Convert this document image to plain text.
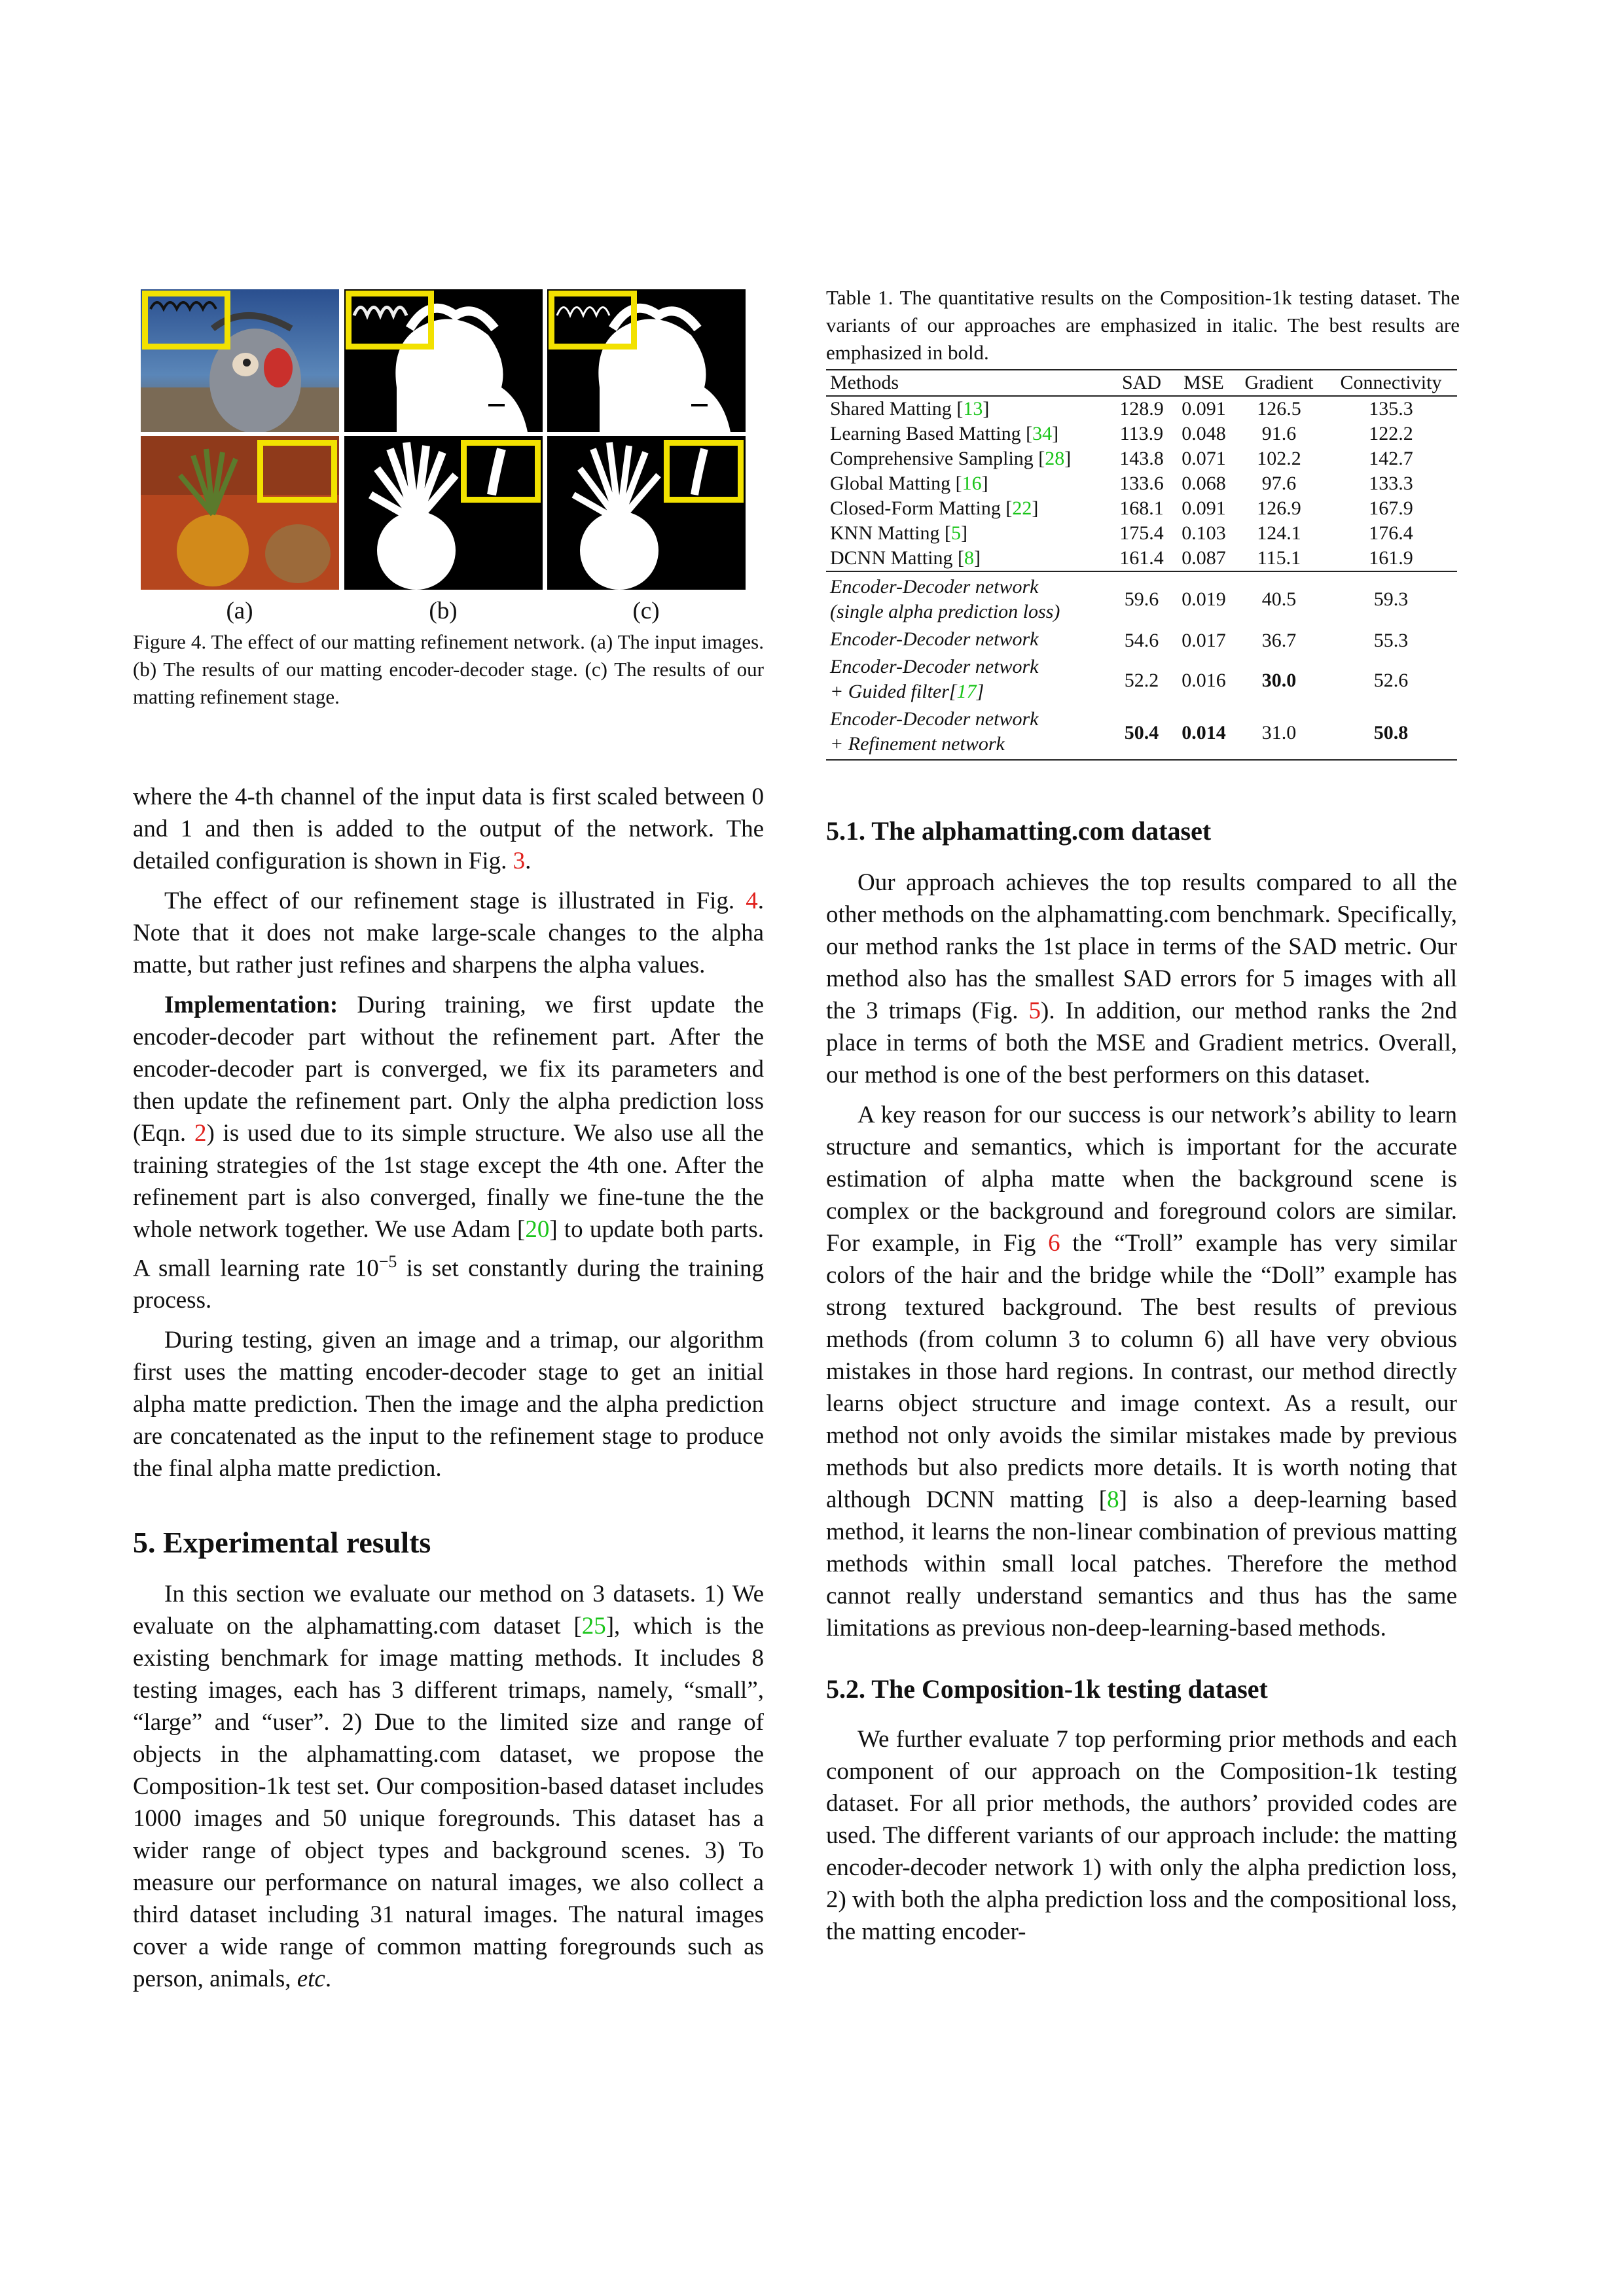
(a)	(b)	(c)
Figure 4. The effect of our matting refinement network. (a) The input images. (b) The results of our matting encoder-decoder stage. (c) The results of our matting refinement stage.
Table 1. The quantitative results on the Composition-1k testing dataset. The variants of our approaches are emphasized in italic. The best results are emphasized in bold.
Methods	SAD	MSE	Gradient	Connectivity
Shared Matting [13]	128.9	0.091	126.5	135.3
Learning Based Matting [34]	113.9	0.048	91.6	122.2
Comprehensive Sampling [28]	143.8	0.071	102.2	142.7
Global Matting [16]	133.6	0.068	97.6	133.3
Closed-Form Matting [22]	168.1	0.091	126.9	167.9
KNN Matting [5]	175.4	0.103	124.1	176.4
DCNN Matting [8]	161.4	0.087	115.1	161.9

Encoder-Decoder network
(single alpha prediction loss)	59.6	0.019	40.5	59.3

Encoder-Decoder network	54.6	0.017	36.7	55.3

Encoder-Decoder network
+ Guided filter[17]	52.2	0.016	30.0	52.6

Encoder-Decoder network
+ Refinement network	50.4	0.014	31.0	50.8

where the 4-th channel of the input data is first scaled between 0 and 1 and then is added to the output of the network. The detailed configuration is shown in Fig. 3.

The effect of our refinement stage is illustrated in Fig. 4. Note that it does not make large-scale changes to the alpha matte, but rather just refines and sharpens the alpha values.

Implementation: During training, we first update the encoder-decoder part without the refinement part. After the encoder-decoder part is converged, we fix its parameters and then update the refinement part. Only the alpha prediction loss (Eqn. 2) is used due to its simple structure. We also use all the training strategies of the 1st stage except the 4th one. After the refinement part is also converged, finally we fine-tune the the whole network together. We use Adam [20] to update both parts. A small learning rate $10^{-5}$ is set constantly during the training process.

During testing, given an image and a trimap, our algorithm first uses the matting encoder-decoder stage to get an initial alpha matte prediction. Then the image and the alpha prediction are concatenated as the input to the refinement stage to produce the final alpha matte prediction.

5. Experimental results

In this section we evaluate our method on 3 datasets. 1) We evaluate on the alphamatting.com dataset [25], which is the existing benchmark for image matting methods. It includes 8 testing images, each has 3 different trimaps, namely, “small”, “large” and “user”. 2) Due to the limited size and range of objects in the alphamatting.com dataset, we propose the Composition-1k test set. Our composition-based dataset includes 1000 images and 50 unique foregrounds. This dataset has a wider range of object types and background scenes. 3) To measure our performance on natural images, we also collect a third dataset including 31 natural images. The natural images cover a wide range of common matting foregrounds such as person, animals, etc.

5.1. The alphamatting.com dataset

Our approach achieves the top results compared to all the other methods on the alphamatting.com benchmark. Specifically, our method ranks the 1st place in terms of the SAD metric. Our method also has the smallest SAD errors for 5 images with all the 3 trimaps (Fig. 5). In addition, our method ranks the 2nd place in terms of both the MSE and Gradient metrics. Overall, our method is one of the best performers on this dataset.

A key reason for our success is our network’s ability to learn structure and semantics, which is important for the accurate estimation of alpha matte when the background scene is complex or the background and foreground colors are similar. For example, in Fig 6 the “Troll” example has very similar colors of the hair and the bridge while the “Doll” example has strong textured background. The best results of previous methods (from column 3 to column 6) all have very obvious mistakes in those hard regions. In contrast, our method directly learns object structure and image context. As a result, our method not only avoids the similar mistakes made by previous methods but also predicts more details. It is worth noting that although DCNN matting [8] is also a deep-learning based method, it learns the non-linear combination of previous matting methods within small local patches. Therefore the method cannot really understand semantics and thus has the same limitations as previous non-deep-learning-based methods.

5.2. The Composition-1k testing dataset

We further evaluate 7 top performing prior methods and each component of our approach on the Composition-1k testing dataset. For all prior methods, the authors’ provided codes are used. The different variants of our approach include: the matting encoder-decoder network 1) with only the alpha prediction loss, 2) with both the alpha prediction loss and the compositional loss, the matting encoder-
